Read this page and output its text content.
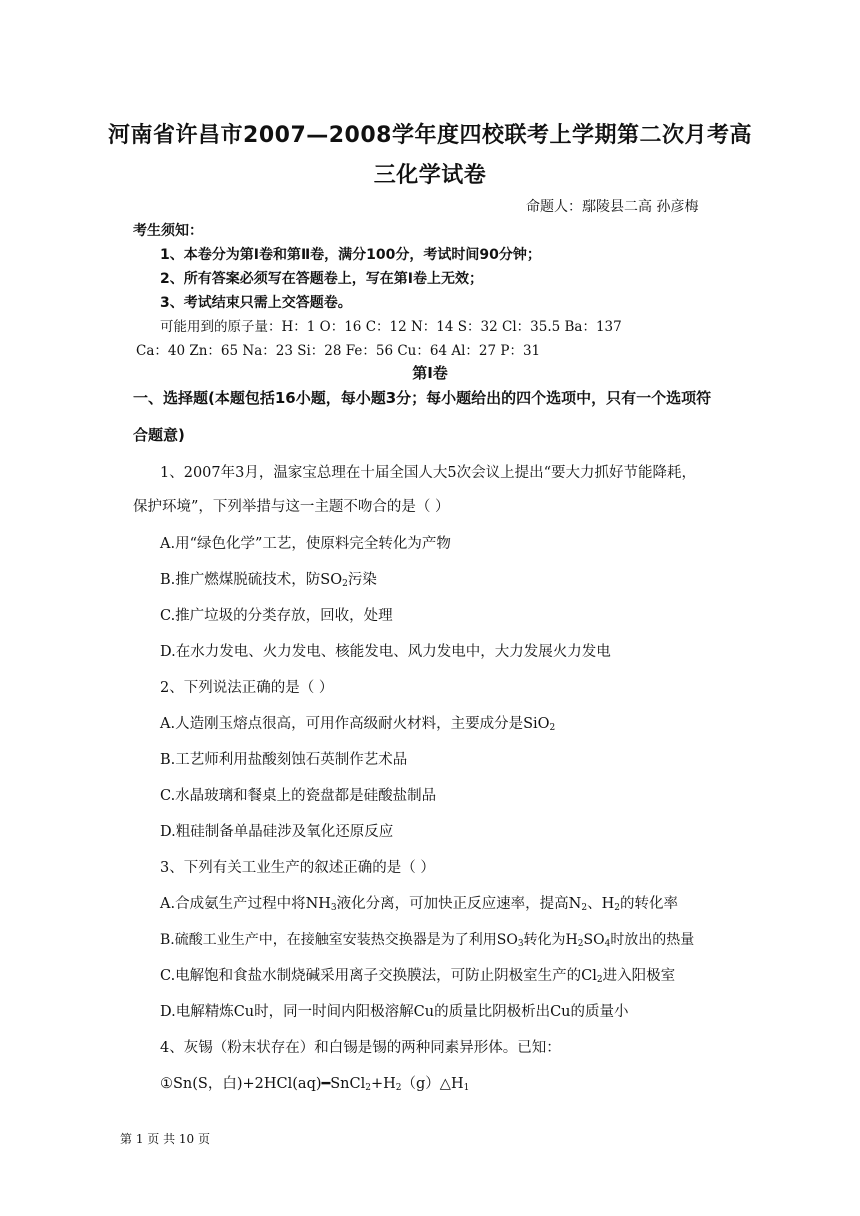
河南省许昌市2007—2008学年度四校联考上学期第二次月考高
三化学试卷
命题人：鄢陵县二高 孙彦梅
考生须知：
1、本卷分为第Ⅰ卷和第Ⅱ卷，满分100分，考试时间90分钟；
2、所有答案必须写在答题卷上，写在第Ⅰ卷上无效；
3、考试结束只需上交答题卷。
可能用到的原子量：H：1 O：16 C：12 N：14 S：32 Cl：35.5 Ba：137
Ca：40 Zn：65 Na：23 Si：28 Fe：56 Cu：64 Al：27 P：31
第Ⅰ卷
一、选择题(本题包括16小题，每小题3分；每小题给出的四个选项中，只有一个选项符
合题意)
1、2007年3月，温家宝总理在十届全国人大5次会议上提出“要大力抓好节能降耗，
保护环境”，下列举措与这一主题不吻合的是（ ）
A.用“绿色化学”工艺，使原料完全转化为产物
B.推广燃煤脱硫技术，防$SO_2$污染
C.推广垃圾的分类存放，回收，处理
D.在水力发电、火力发电、核能发电、风力发电中，大力发展火力发电
2、下列说法正确的是（ ）
A.人造刚玉熔点很高，可用作高级耐火材料，主要成分是SiO$_2$
B.工艺师利用盐酸刻蚀石英制作艺术品
C.水晶玻璃和餐桌上的瓷盘都是硅酸盐制品
D.粗硅制备单晶硅涉及氧化还原反应
3、下列有关工业生产的叙述正确的是（ ）
A.合成氨生产过程中将$NH_3$液化分离，可加快正反应速率，提高$N_2$、$H_2$的转化率
B.硫酸工业生产中，在接触室安装热交换器是为了利用$SO_3$转化为$H_2SO_4$时放出的热量
C.电解饱和食盐水制烧碱采用离子交换膜法，可防止阴极室生产的$Cl_2$进入阳极室
D.电解精炼Cu时，同一时间内阳极溶解Cu的质量比阴极析出Cu的质量小
4、灰锡（粉末状存在）和白锡是锡的两种同素异形体。已知：
①Sn(S，白)$+2HCl(aq)━SnCl_2+H_2(g)\triangle H_1$
第 1 页 共 10 页
